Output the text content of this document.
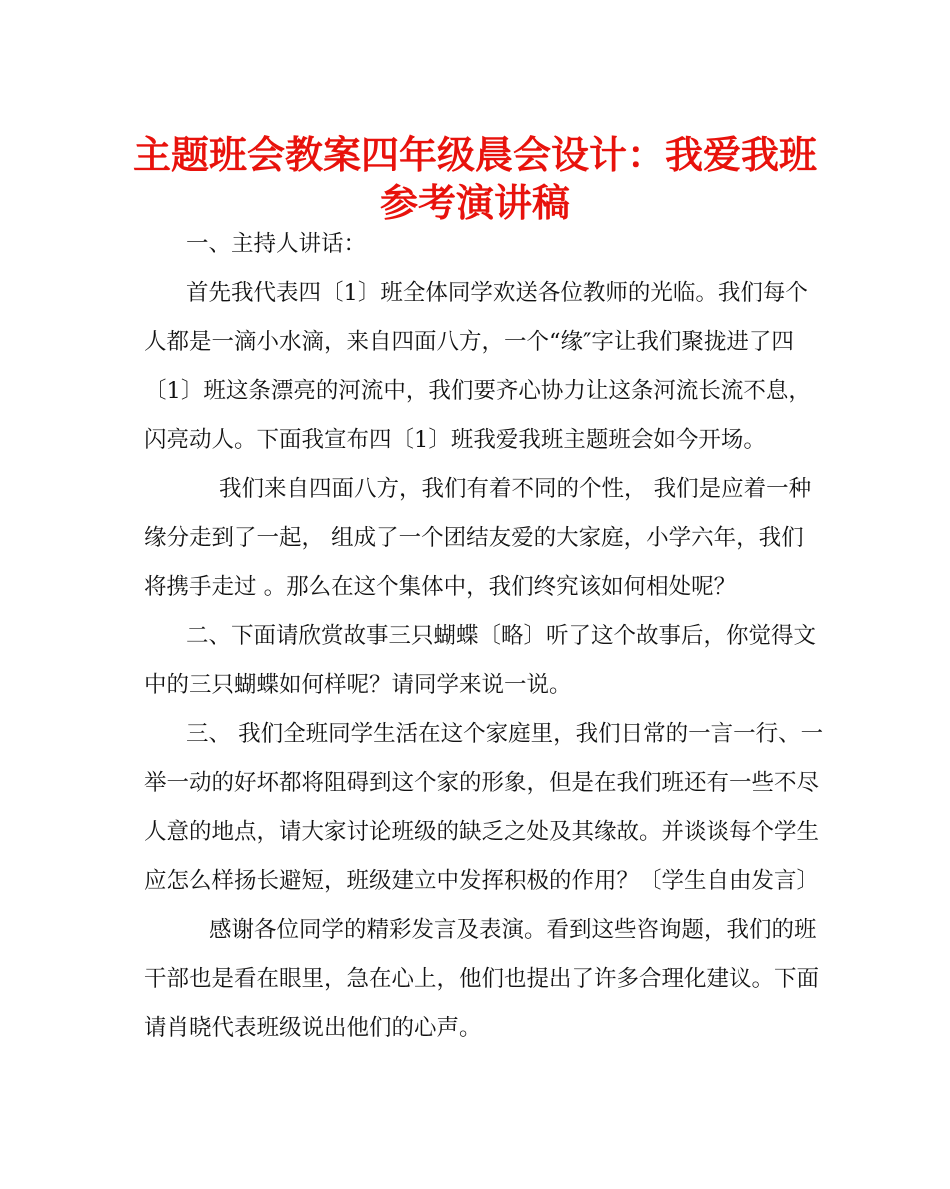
主题班会教案四年级晨会设计：我爱我班
参考演讲稿
一、主持人讲话：
首先我代表四〔1〕班全体同学欢送各位教师的光临。我们每个
人都是一滴小水滴，来自四面八方，一个“缘″字让我们聚拢进了四
〔1〕班这条漂亮的河流中，我们要齐心协力让这条河流长流不息，
闪亮动人。下面我宣布四〔1〕班我爱我班主题班会如今开场。
我们来自四面八方，我们有着不同的个性， 我们是应着一种
缘分走到了一起， 组成了一个团结友爱的大家庭，小学六年，我们
将携手走过 。那么在这个集体中，我们终究该如何相处呢？
二、下面请欣赏故事三只蝴蝶〔略〕听了这个故事后，你觉得文
中的三只蝴蝶如何样呢？请同学来说一说。
三、 我们全班同学生活在这个家庭里，我们日常的一言一行、一
举一动的好坏都将阻碍到这个家的形象，但是在我们班还有一些不尽
人意的地点，请大家讨论班级的缺乏之处及其缘故。并谈谈每个学生
应怎么样扬长避短，班级建立中发挥积极的作用？〔学生自由发言〕
感谢各位同学的精彩发言及表演。看到这些咨询题，我们的班
干部也是看在眼里，急在心上，他们也提出了许多合理化建议。下面
请肖晓代表班级说出他们的心声。
